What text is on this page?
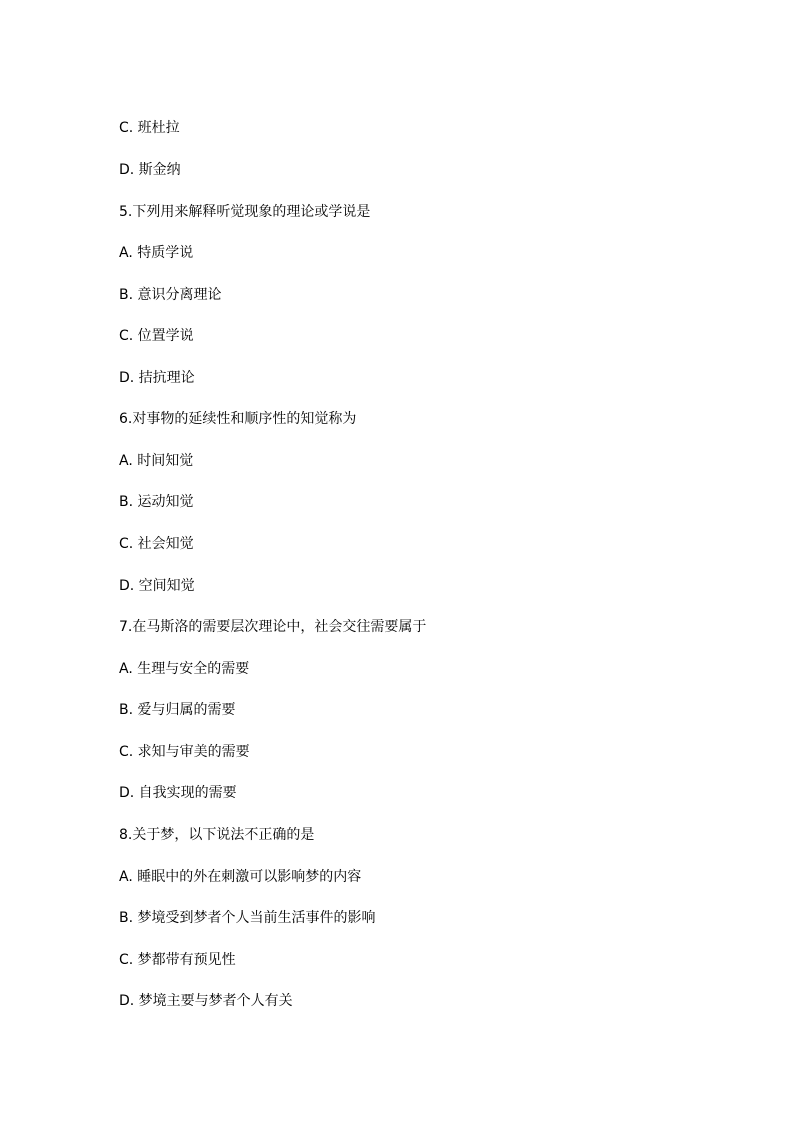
C. 班杜拉
D. 斯金纳
5.下列用来解释听觉现象的理论或学说是
A. 特质学说
B. 意识分离理论
C. 位置学说
D. 拮抗理论
6.对事物的延续性和顺序性的知觉称为
A. 时间知觉
B. 运动知觉
C. 社会知觉
D. 空间知觉
7.在马斯洛的需要层次理论中，社会交往需要属于
A. 生理与安全的需要
B. 爱与归属的需要
C. 求知与审美的需要
D. 自我实现的需要
8.关于梦，以下说法不正确的是
A. 睡眠中的外在刺激可以影响梦的内容
B. 梦境受到梦者个人当前生活事件的影响
C. 梦都带有预见性
D. 梦境主要与梦者个人有关
